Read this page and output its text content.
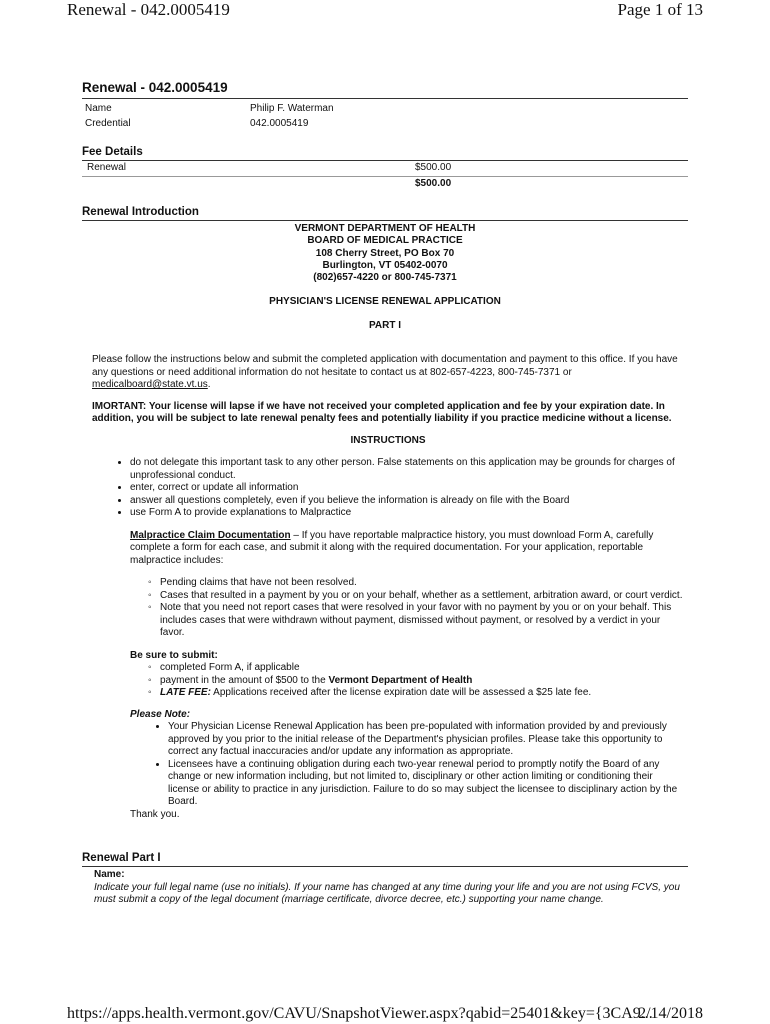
Renewal - 042.0005419	Page 1 of 13
Renewal - 042.0005419
Name	Philip F. Waterman
Credential	042.0005419
Fee Details
Renewal	$500.00
$500.00
Renewal Introduction
VERMONT DEPARTMENT OF HEALTH
BOARD OF MEDICAL PRACTICE
108 Cherry Street, PO Box 70
Burlington, VT 05402-0070
(802)657-4220 or 800-745-7371
PHYSICIAN'S LICENSE RENEWAL APPLICATION
PART I

Please follow the instructions below and submit the completed application with documentation and payment to this office. If you have any questions or need additional information do not hesitate to contact us at 802-657-4223, 800-745-7371 or medicalboard@state.vt.us.

IMORTANT: Your license will lapse if we have not received your completed application and fee by your expiration date. In addition, you will be subject to late renewal penalty fees and potentially liability if you practice medicine without a license.

INSTRUCTIONS
• do not delegate this important task to any other person. False statements on this application may be grounds for charges of unprofessional conduct.
• enter, correct or update all information
• answer all questions completely, even if you believe the information is already on file with the Board
• use Form A to provide explanations to Malpractice

Malpractice Claim Documentation – If you have reportable malpractice history, you must download Form A, carefully complete a form for each case, and submit it along with the required documentation. For your application, reportable malpractice includes:

◦ Pending claims that have not been resolved.
◦ Cases that resulted in a payment by you or on your behalf, whether as a settlement, arbitration award, or court verdict.
◦ Note that you need not report cases that were resolved in your favor with no payment by you or on your behalf. This includes cases that were withdrawn without payment, dismissed without payment, or resolved by a verdict in your favor.

Be sure to submit:

◦ completed Form A, if applicable
◦ payment in the amount of $500 to the Vermont Department of Health
◦ LATE FEE: Applications received after the license expiration date will be assessed a $25 late fee.

Please Note:

• Your Physician License Renewal Application has been pre-populated with information provided by and previously approved by you prior to the initial release of the Department's physician profiles. Please take this opportunity to correct any factual inaccuracies and/or update any information as appropriate.
• Licensees have a continuing obligation during each two-year renewal period to promptly notify the Board of any change or new information including, but not limited to, disciplinary or other action limiting or conditioning their license or ability to practice in any jurisdiction. Failure to do so may subject the licensee to disciplinary action by the Board.

Thank you.

Renewal Part I

Name:

Indicate your full legal name (use no initials). If your name has changed at any time during your life and you are not using FCVS, you must submit a copy of the legal document (marriage certificate, divorce decree, etc.) supporting your name change.

https://apps.health.vermont.gov/CAVU/SnapshotViewer.aspx?qabid=25401&key={3CA9...
2/14/2018
